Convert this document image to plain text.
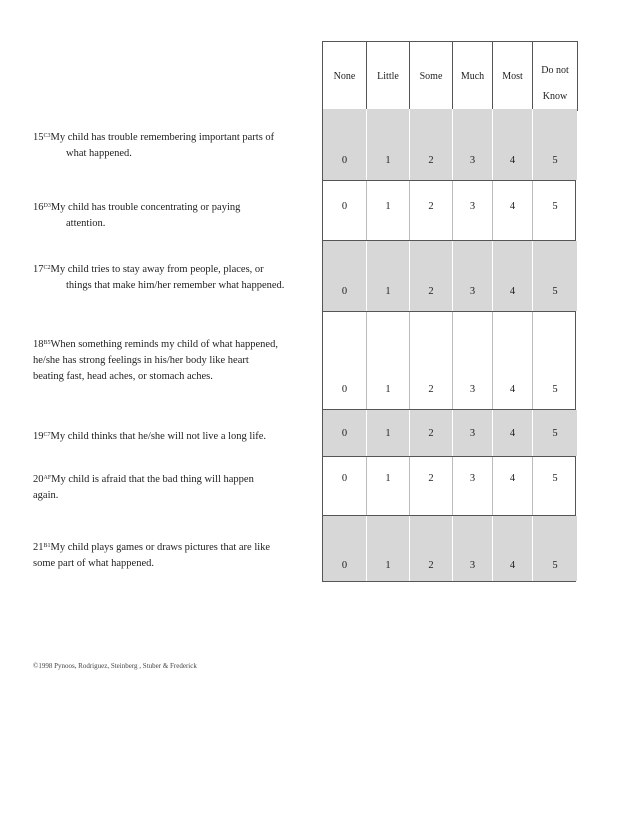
None	Little	Some	Much	Most
Do not

Know
$15^{C3}My$ child has trouble remembering important parts of
what happened.
0	1	2	3	4	5
$16^{D3}My$ child has trouble concentrating or paying
attention.
0	1	2	3	4	5
$17^{C2}My$ child tries to stay away from people, places, or
things that make him/her remember what happened.
0	1	2	3	4	5
$18^{B5}When$ something reminds my child of what happened,
he/she has strong feelings in his/her body like heart
beating fast, head aches, or stomach aches.
0	1	2	3	4	5
$19^{C7}My$ child thinks that he/she will not live a long life.	0	1	2	3	4	5
$20^{AF}My$ child is afraid that the bad thing will happen
again.
0	1	2	3	4	5
$21^{B1}My$ child plays games or draws pictures that are like
some part of what happened.	0	1	2	3	4	5
©1998 Pynoos, Rodriguez, Steinberg , Stuber & Frederick
